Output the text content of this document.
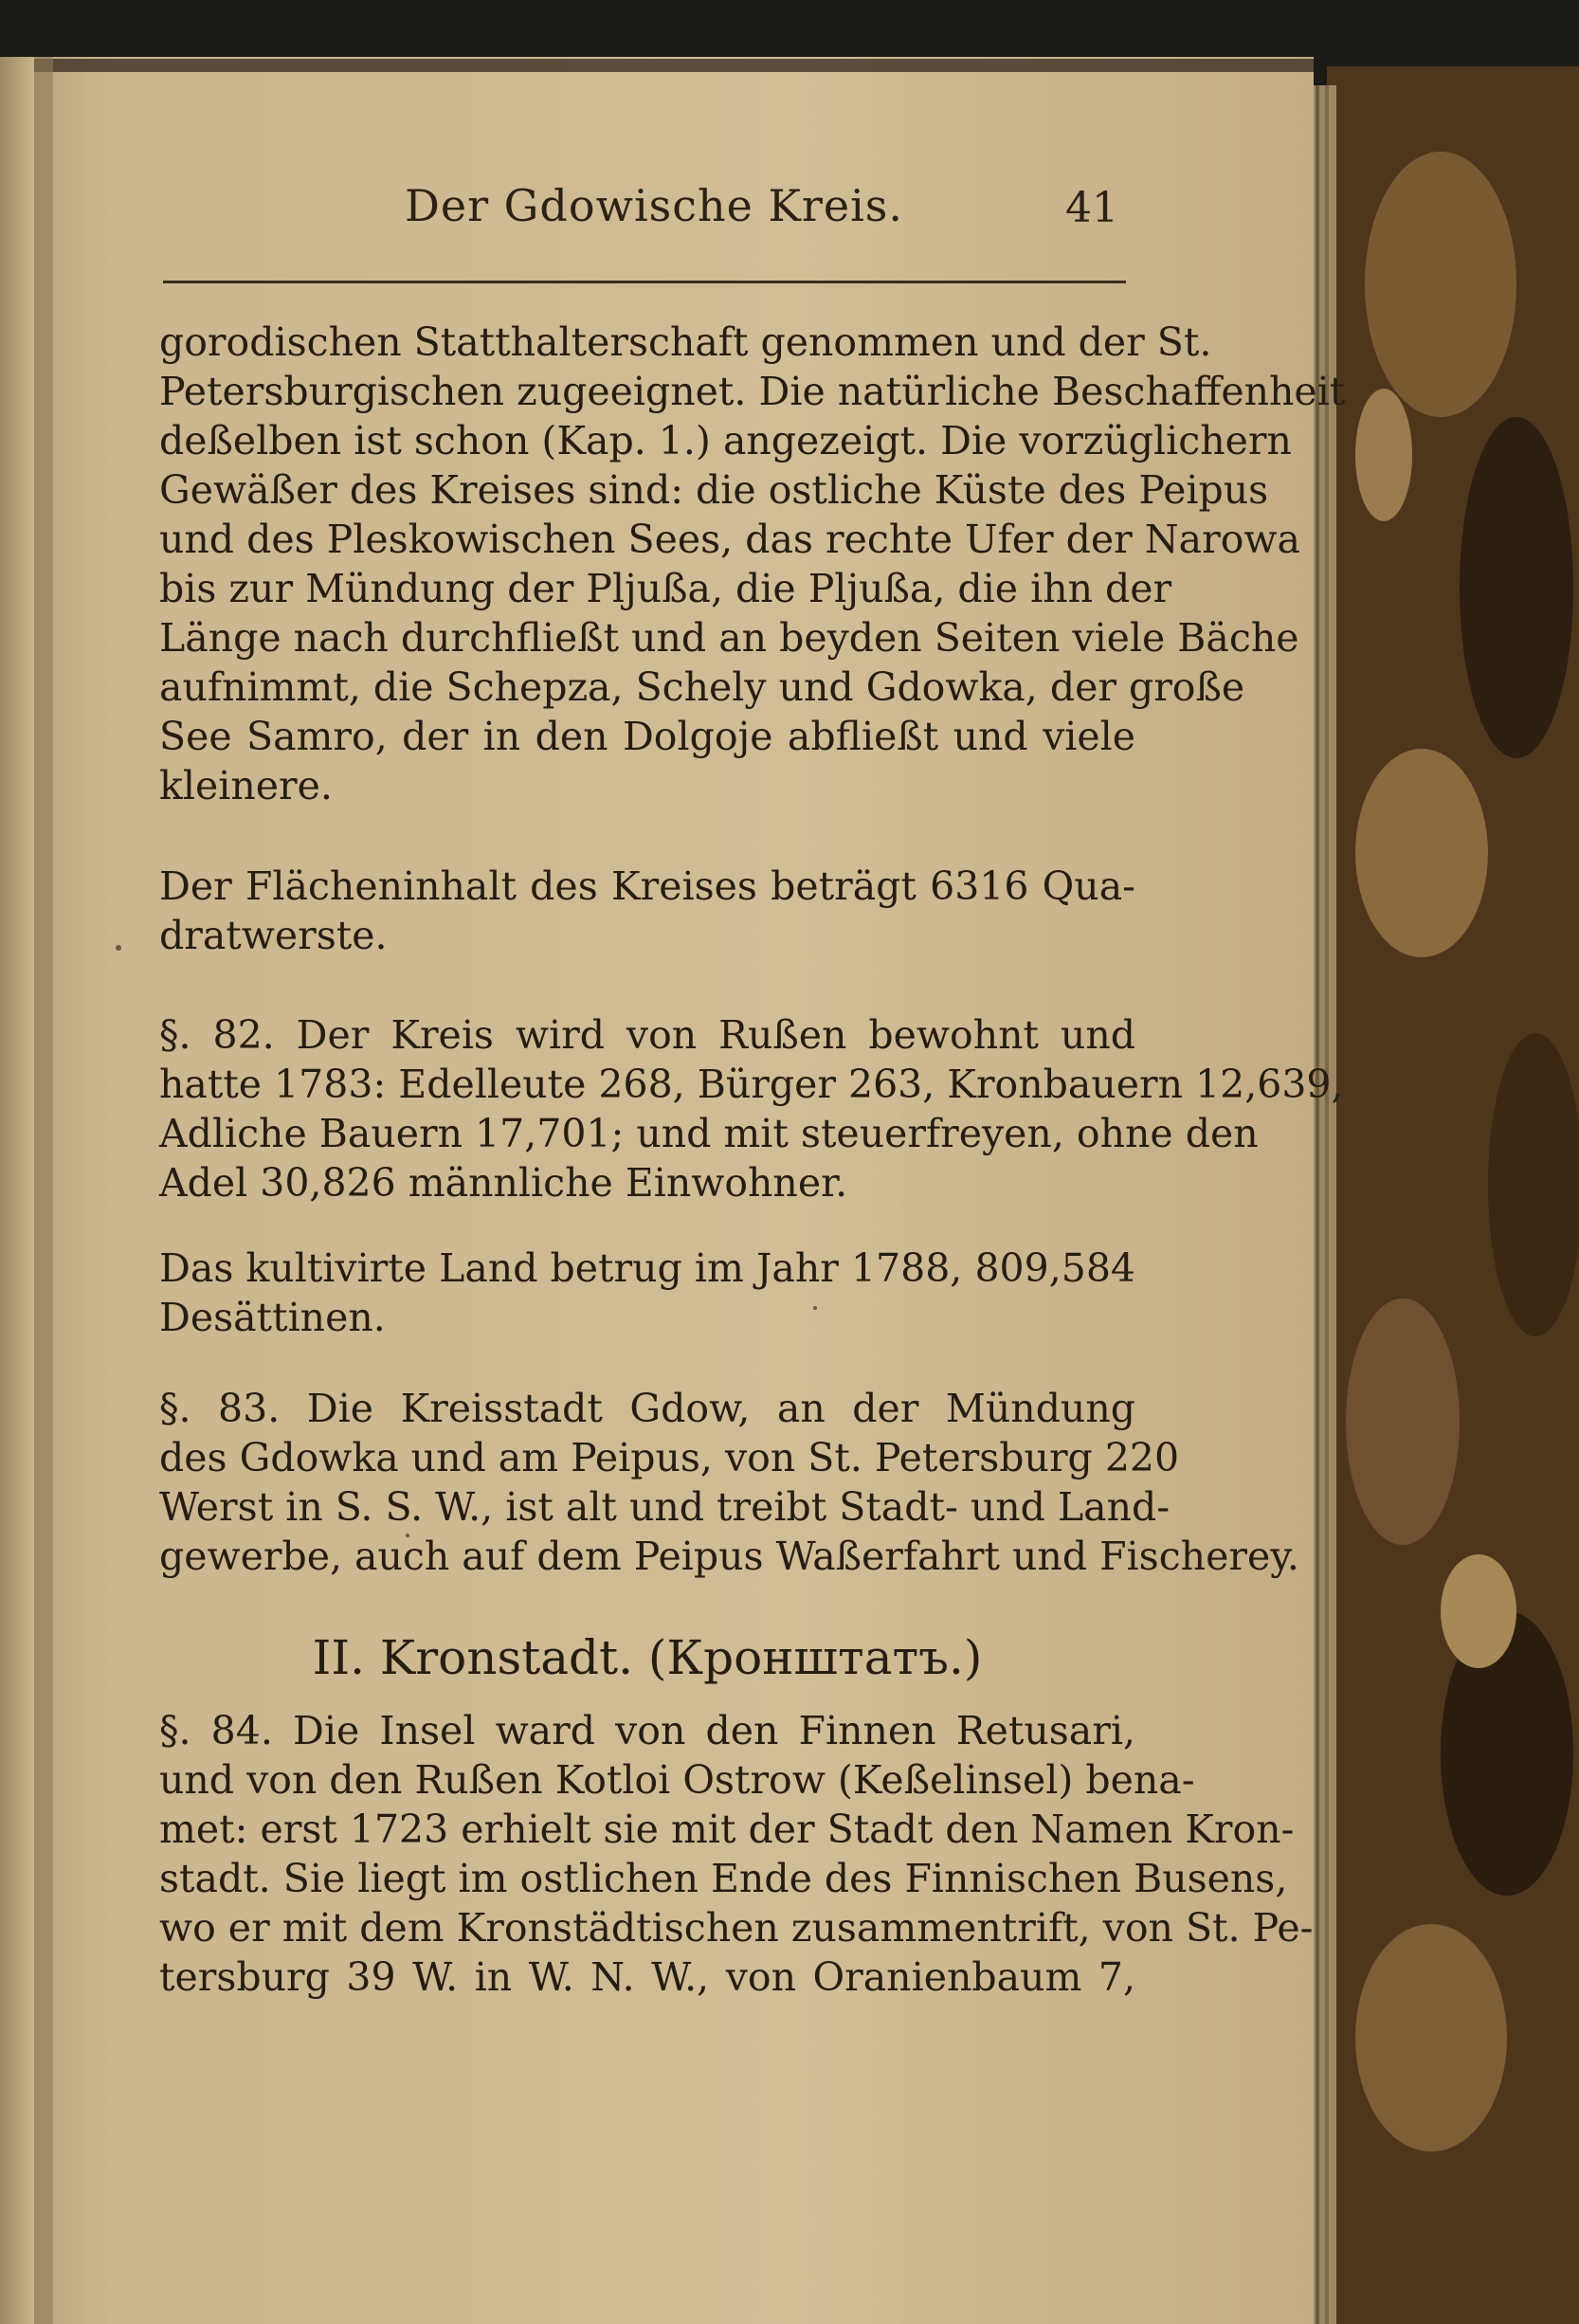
Der Gdowische Kreis.	41
gorodischen Statthalterschaft genommen und der St.
Petersburgischen zugeeignet. Die natürliche Beschaffenheit
deßelben ist schon (Kap. 1.) angezeigt. Die vorzüglichern
Gewäßer des Kreises sind: die ostliche Küste des Peipus
und des Pleskowischen Sees, das rechte Ufer der Narowa
bis zur Mündung der Pljußa, die Pljußa, die ihn der
Länge nach durchfließt und an beyden Seiten viele Bäche
aufnimmt, die Schepza, Schely und Gdowka, der große
See Samro, der in den Dolgoje abfließt und viele
kleinere.
Der Flächeninhalt des Kreises beträgt 6316 Qua-
dratwerste.
§. 82. Der Kreis wird von Rußen bewohnt und
hatte 1783: Edelleute 268, Bürger 263, Kronbauern 12,639,
Adliche Bauern 17,701; und mit steuerfreyen, ohne den
Adel 30,826 männliche Einwohner.
Das kultivirte Land betrug im Jahr 1788, 809,584
Desättinen.
§. 83. Die Kreisstadt Gdow, an der Mündung
des Gdowka und am Peipus, von St. Petersburg 220
Werst in S. S. W., ist alt und treibt Stadt- und Land-
gewerbe, auch auf dem Peipus Waßerfahrt und Fischerey.
II. Kronstadt. (Кронштатъ.)
§. 84. Die Insel ward von den Finnen Retusari,
und von den Rußen Kotloi Ostrow (Keßelinsel) bena-
met: erst 1723 erhielt sie mit der Stadt den Namen Kron-
stadt. Sie liegt im ostlichen Ende des Finnischen Busens,
wo er mit dem Kronstädtischen zusammentrift, von St. Pe-
tersburg 39 W. in W. N. W., von Oranienbaum 7,
